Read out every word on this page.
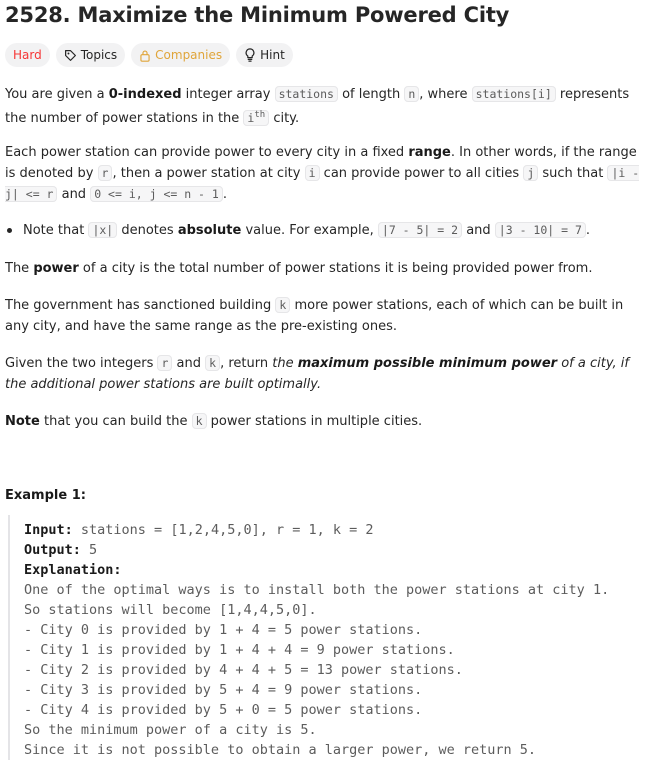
2528. Maximize the Minimum Powered City
Hard	Topics	Companies	Hint

You are given a 0-indexed integer array stations of length n , where stations[i] represents the number of power stations in the $i^{th}$ city.

Each power station can provide power to every city in a fixed range. In other words, if the range is denoted by r , then a power station at city i can provide power to all cities j such that |i - j| <= r and 0 <= i, j <= n - 1 .

Note that |x| denotes absolute value. For example, |7 - 5| = 2 and |3 - 10| = 7 .

The power of a city is the total number of power stations it is being provided power from.

The government has sanctioned building k more power stations, each of which can be built in any city, and have the same range as the pre-existing ones.

Given the two integers r and k , return the maximum possible minimum power of a city, if the additional power stations are built optimally.

Note that you can build the k power stations in multiple cities.

Example 1:

Input: stations = [1,2,4,5,0], r = 1, k = 2
Output: 5
Explanation:
One of the optimal ways is to install both the power stations at city 1.
So stations will become [1,4,4,5,0].
- City 0 is provided by 1 + 4 = 5 power stations.
- City 1 is provided by 1 + 4 + 4 = 9 power stations.
- City 2 is provided by 4 + 4 + 5 = 13 power stations.
- City 3 is provided by 5 + 4 = 9 power stations.
- City 4 is provided by 5 + 0 = 5 power stations.
So the minimum power of a city is 5.
Since it is not possible to obtain a larger power, we return 5.
